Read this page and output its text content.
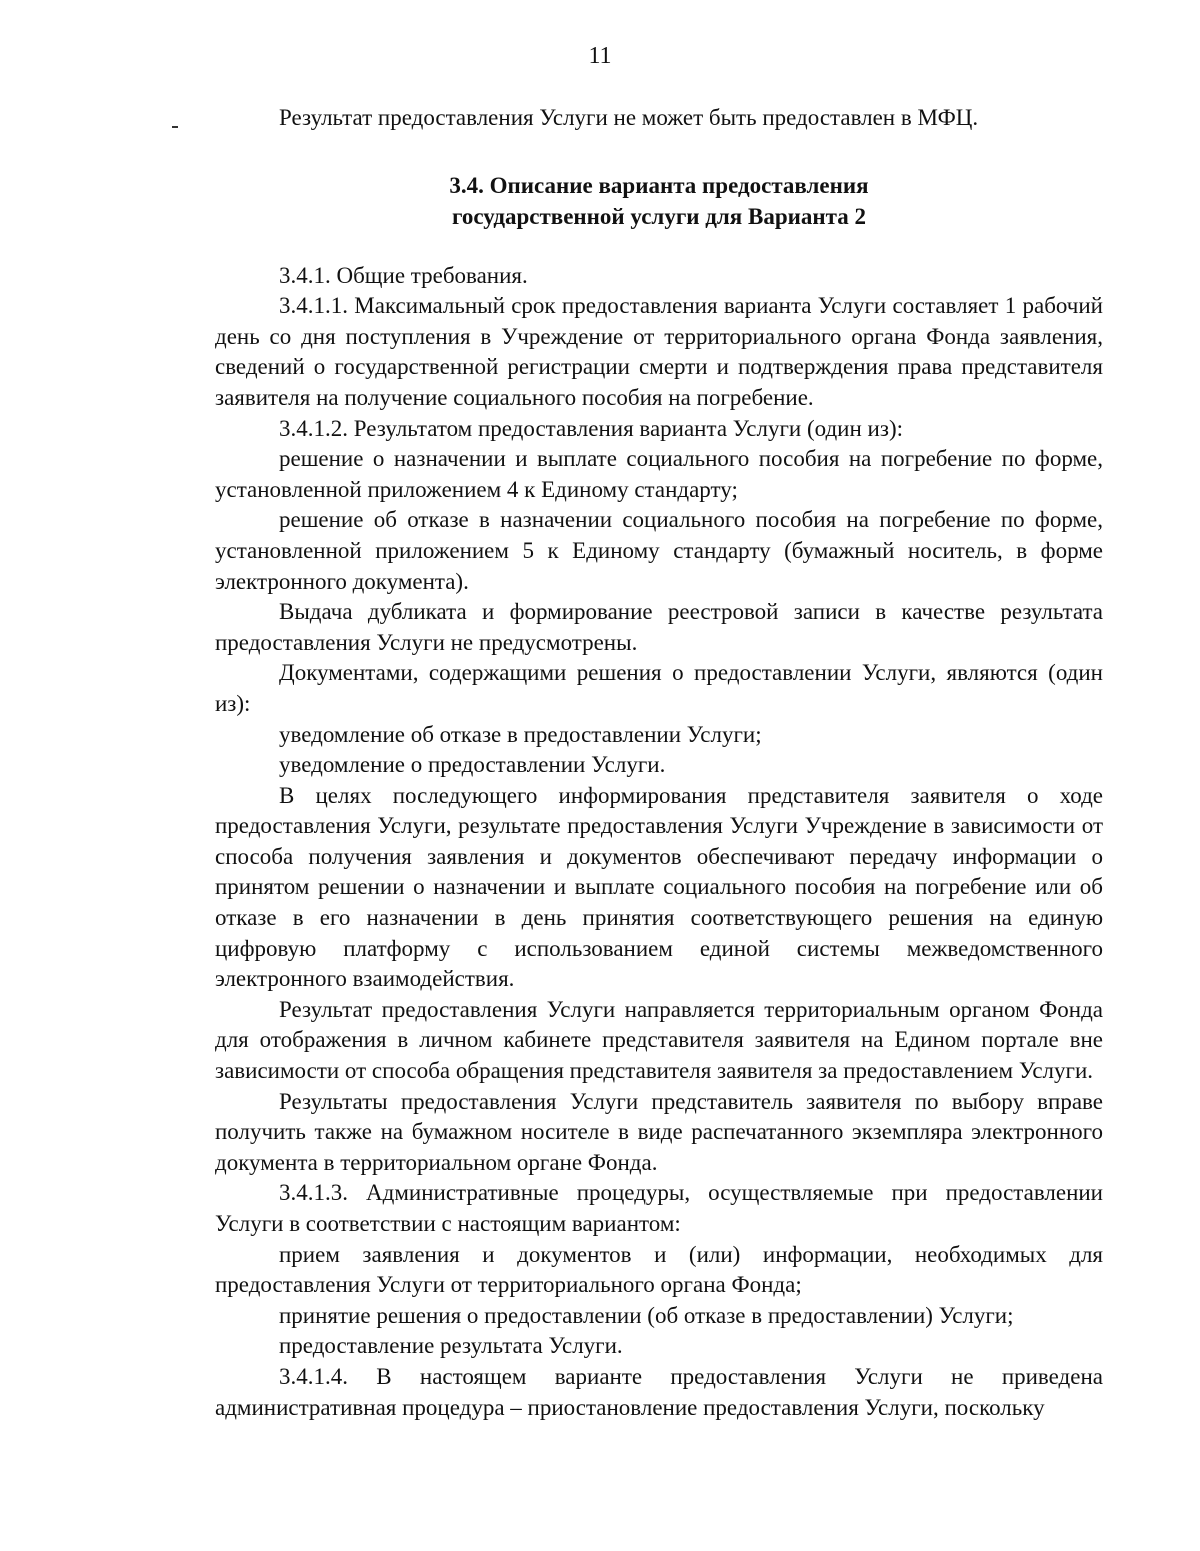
11

Результат предоставления Услуги не может быть предоставлен в МФЦ.

3.4. Описание варианта предоставления
государственной услуги для Варианта 2

3.4.1. Общие требования.

3.4.1.1. Максимальный срок предоставления варианта Услуги составляет 1 рабочий день со дня поступления в Учреждение от территориального органа Фонда заявления, сведений о государственной регистрации смерти и подтверждения права представителя заявителя на получение социального пособия на погребение.

3.4.1.2. Результатом предоставления варианта Услуги (один из):

решение о назначении и выплате социального пособия на погребение по форме, установленной приложением 4 к Единому стандарту;

решение об отказе в назначении социального пособия на погребение по форме, установленной приложением 5 к Единому стандарту (бумажный носитель, в форме электронного документа).

Выдача дубликата и формирование реестровой записи в качестве результата предоставления Услуги не предусмотрены.

Документами, содержащими решения о предоставлении Услуги, являются (один из):

уведомление об отказе в предоставлении Услуги;

уведомление о предоставлении Услуги.

В целях последующего информирования представителя заявителя о ходе предоставления Услуги, результате предоставления Услуги Учреждение в зависимости от способа получения заявления и документов обеспечивают передачу информации о принятом решении о назначении и выплате социального пособия на погребение или об отказе в его назначении в день принятия соответствующего решения на единую цифровую платформу с использованием единой системы межведомственного электронного взаимодействия.

Результат предоставления Услуги направляется территориальным органом Фонда для отображения в личном кабинете представителя заявителя на Едином портале вне зависимости от способа обращения представителя заявителя за предоставлением Услуги.

Результаты предоставления Услуги представитель заявителя по выбору вправе получить также на бумажном носителе в виде распечатанного экземпляра электронного документа в территориальном органе Фонда.

3.4.1.3. Административные процедуры, осуществляемые при предоставлении Услуги в соответствии с настоящим вариантом:

прием заявления и документов и (или) информации, необходимых для предоставления Услуги от территориального органа Фонда;

принятие решения о предоставлении (об отказе в предоставлении) Услуги;

предоставление результата Услуги.

3.4.1.4. В настоящем варианте предоставления Услуги не приведена административная процедура – приостановление предоставления Услуги, поскольку
